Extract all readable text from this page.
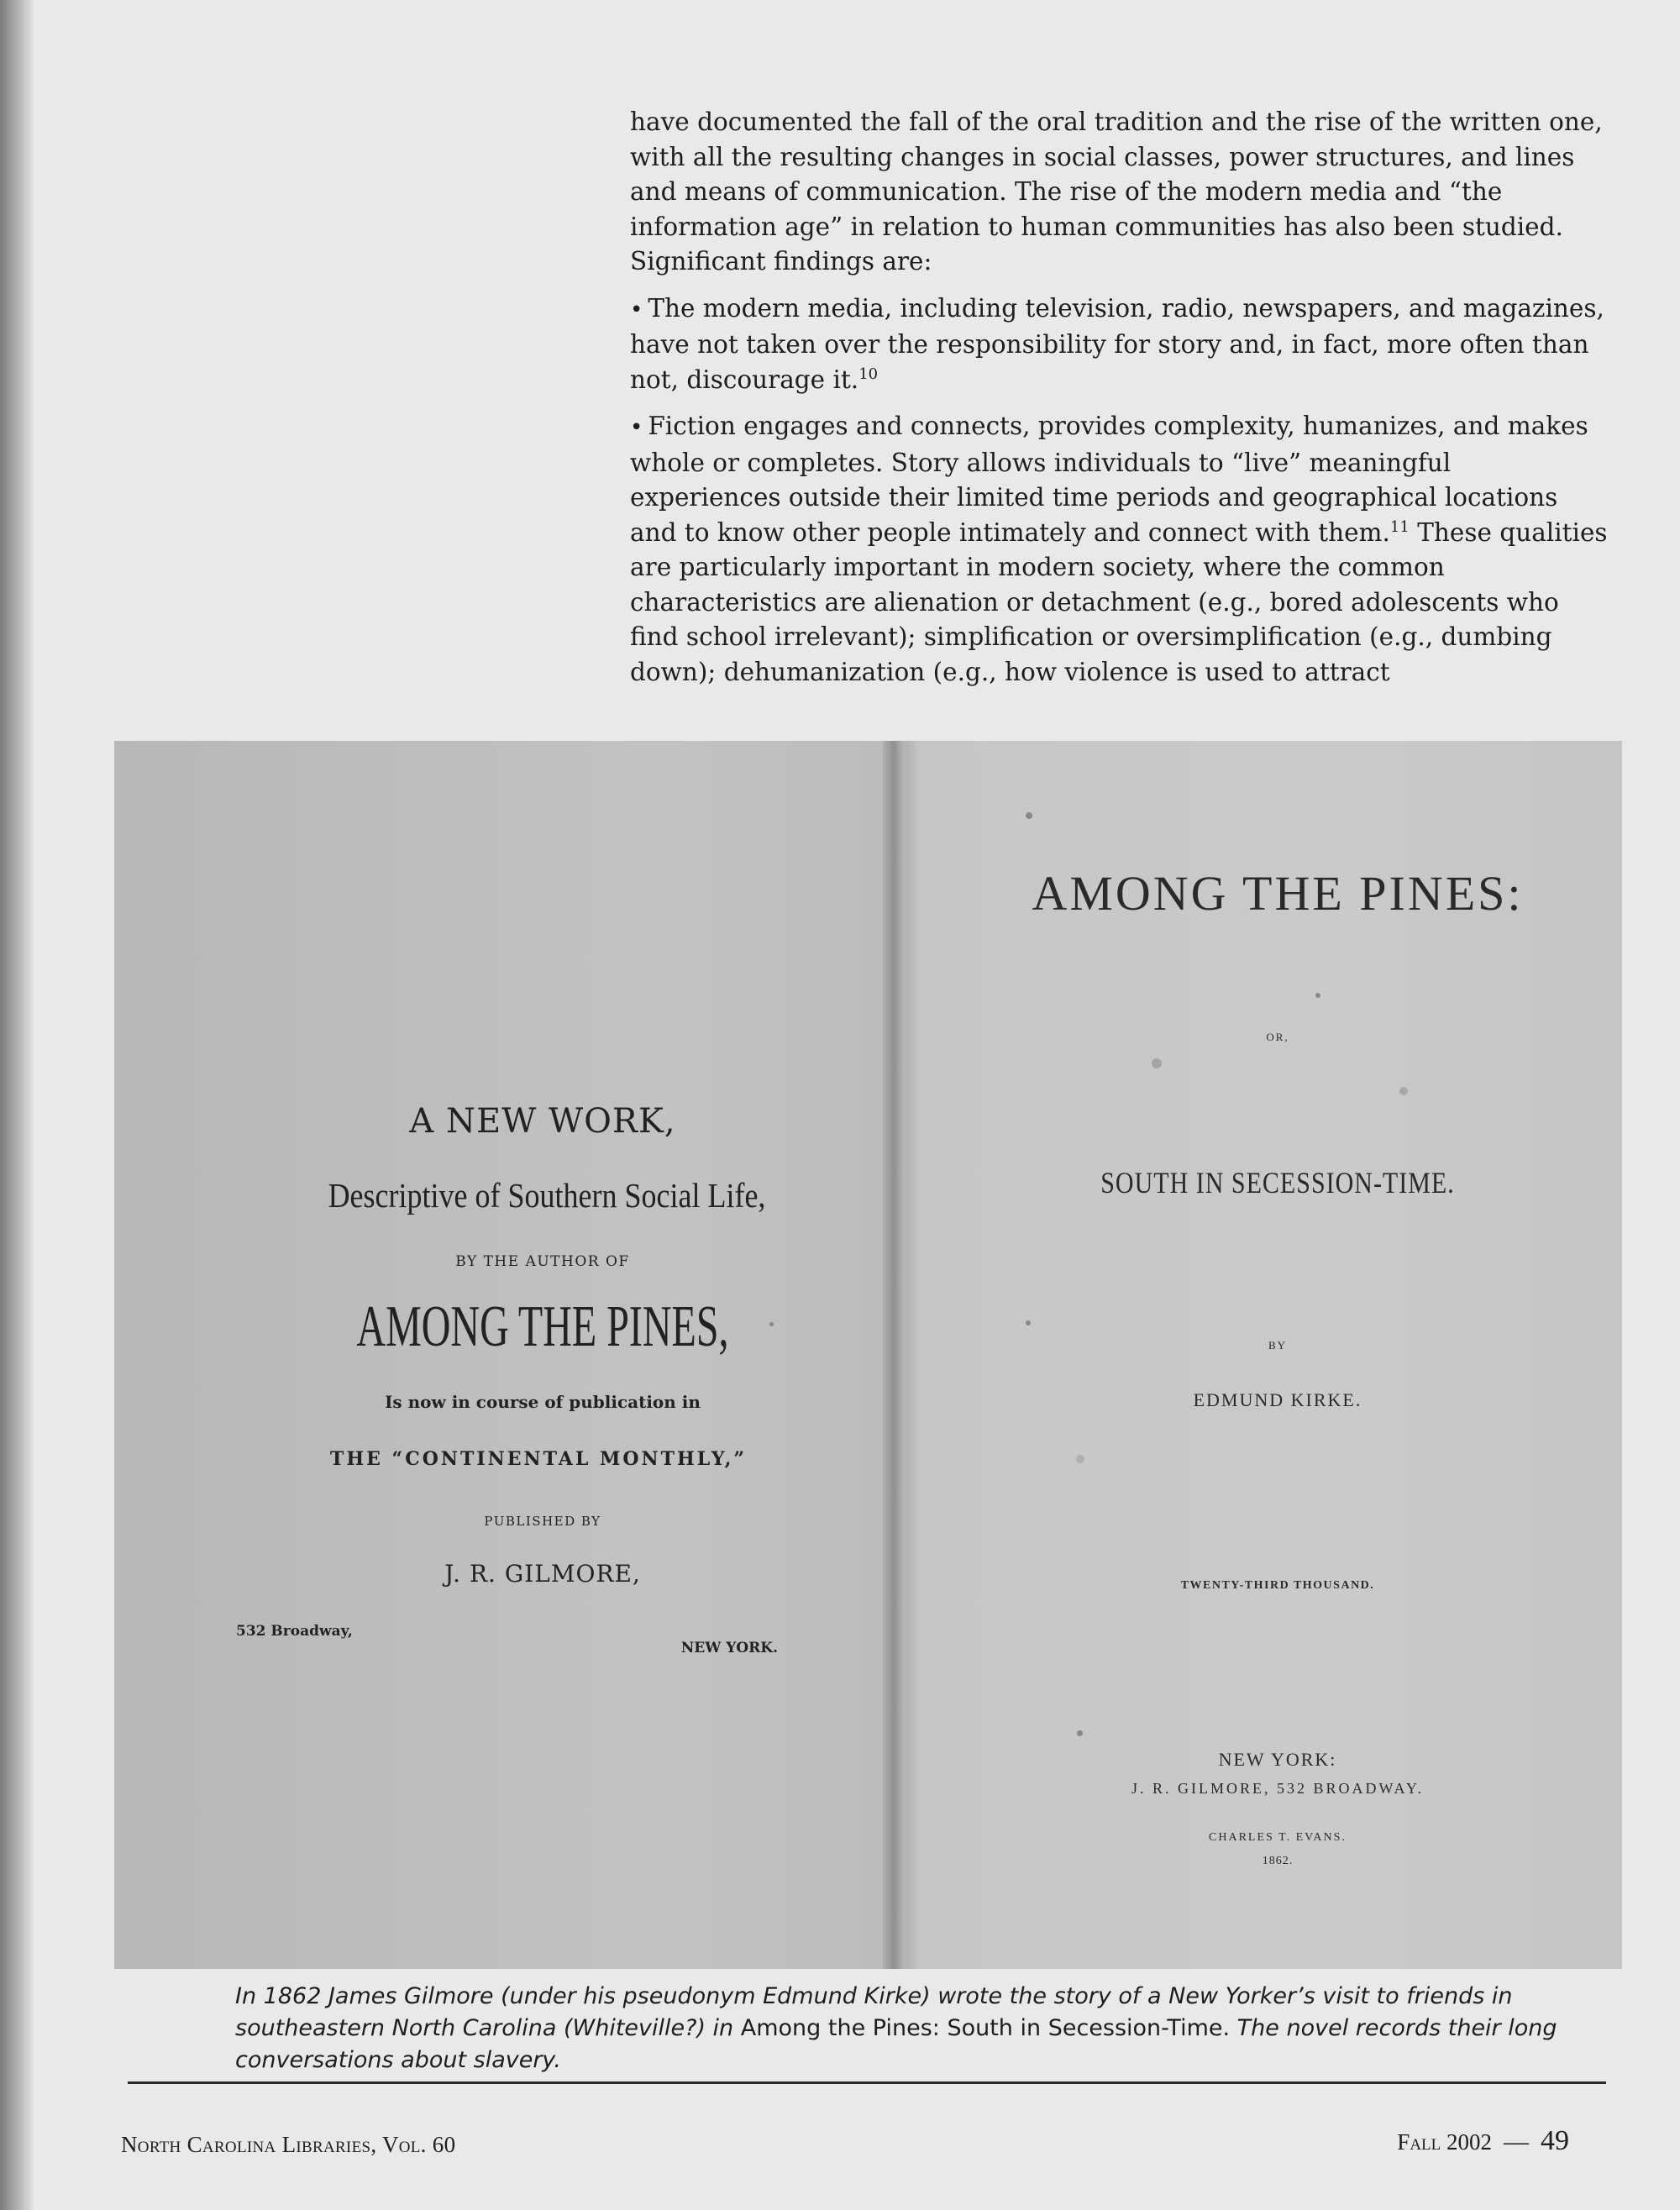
have documented the fall of the oral tradition and the rise of the written one, with all the resulting changes in social classes, power structures, and lines and means of communication. The rise of the modern media and “the information age” in relation to human communities has also been studied. Significant findings are:

• The modern media, including television, radio, newspapers, and magazines, have not taken over the responsibility for story and, in fact, more often than not, discourage it.$^{10}$

• Fiction engages and connects, provides complexity, humanizes, and makes whole or completes. Story allows individuals to “live” meaningful experiences outside their limited time periods and geographical locations and to know other people intimately and connect with them.$^{11}$ These qualities are particularly important in modern society, where the common characteristics are alienation or detachment (e.g., bored adolescents who find school irrelevant); simplification or oversimplification (e.g., dumbing down); dehumanization (e.g., how violence is used to attract

A NEW WORK,
Descriptive of Southern Social Life,
BY THE AUTHOR OF
AMONG THE PINES,
Is now in course of publication in
THE “CONTINENTAL MONTHLY,”
PUBLISHED BY
J. R. GILMORE,
532 Broadway,
NEW YORK.
AMONG THE PINES:
OR,
SOUTH IN SECESSION-TIME.
BY
EDMUND KIRKE.
TWENTY-THIRD THOUSAND.
NEW YORK:
J. R. GILMORE, 532 BROADWAY.
CHARLES T. EVANS.
1862.
In 1862 James Gilmore (under his pseudonym Edmund Kirke) wrote the story of a New Yorker’s visit to friends in southeastern North Carolina (Whiteville?) in Among the Pines: South in Secession-Time. The novel records their long conversations about slavery.
North Carolina Libraries, Vol. 60	Fall 2002 — 49
